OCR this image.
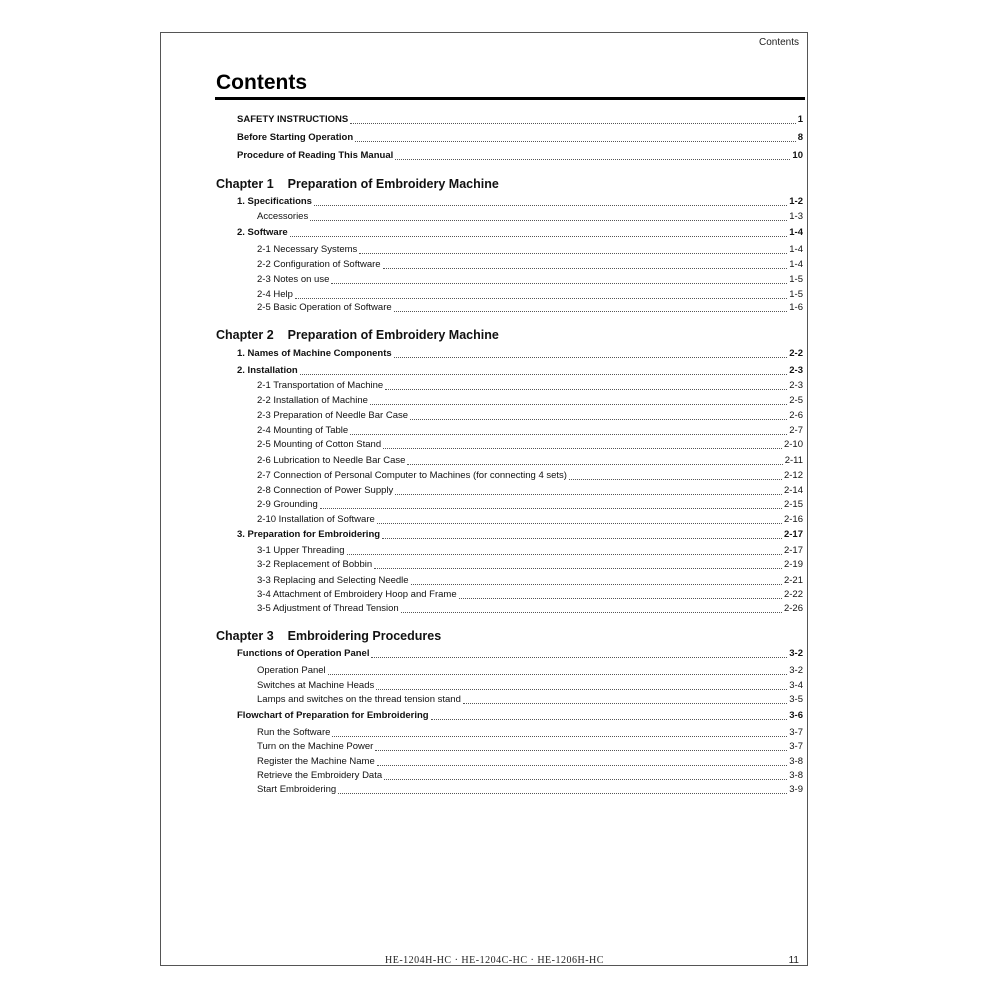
Contents
Contents
SAFETY INSTRUCTIONS	1
Before Starting Operation	8
Procedure of Reading This Manual	10
Chapter 1 Preparation of Embroidery Machine
1. Specifications	1-2
Accessories	1-3
2. Software	1-4
2-1 Necessary Systems	1-4
2-2 Configuration of Software	1-4
2-3 Notes on use	1-5
2-4 Help	1-5
2-5 Basic Operation of Software	1-6
Chapter 2 Preparation of Embroidery Machine
1. Names of Machine Components	2-2
2. Installation	2-3
2-1 Transportation of Machine	2-3
2-2 Installation of Machine	2-5
2-3 Preparation of Needle Bar Case	2-6
2-4 Mounting of Table	2-7
2-5 Mounting of Cotton Stand	2-10
2-6 Lubrication to Needle Bar Case	2-11
2-7 Connection of Personal Computer to Machines (for connecting 4 sets)	2-12
2-8 Connection of Power Supply	2-14
2-9 Grounding	2-15
2-10 Installation of Software	2-16
3. Preparation for Embroidering	2-17
3-1 Upper Threading	2-17
3-2 Replacement of Bobbin	2-19
3-3 Replacing and Selecting Needle	2-21
3-4 Attachment of Embroidery Hoop and Frame	2-22
3-5 Adjustment of Thread Tension	2-26
Chapter 3 Embroidering Procedures
Functions of Operation Panel	3-2
Operation Panel	3-2
Switches at Machine Heads	3-4
Lamps and switches on the thread tension stand	3-5
Flowchart of Preparation for Embroidering	3-6
Run the Software	3-7
Turn on the Machine Power	3-7
Register the Machine Name	3-8
Retrieve the Embroidery Data	3-8
Start Embroidering	3-9
HE-1204H-HC · HE-1204C-HC · HE-1206H-HC	11
